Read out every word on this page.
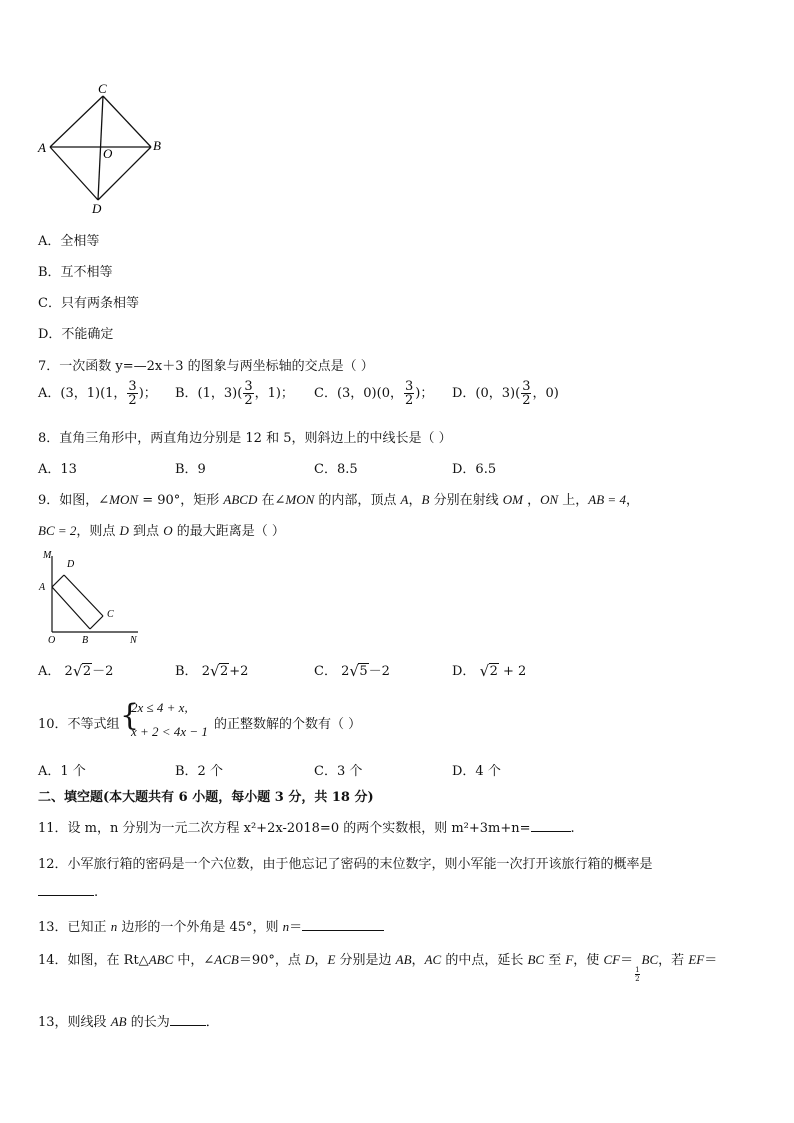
C
A	O
B
D
A．全相等
B．互不相等
C．只有两条相等
D．不能确定
7．一次函数 y=—2x＋3 的图象与两坐标轴的交点是（ ）
A．(3，1)(1， $\frac{3}{2}$ )； B．(1，$3)( \frac{3}{2}$ ，1)； C．(3，0)(0， $\frac{3}{2}$ )； D．(0，$3)( \frac{3}{2}$ ，0)
8．直角三角形中，两直角边分别是 12 和 5，则斜边上的中线长是（ ）
A．13	B．9	C．8.5	D．6.5
9．如图，∠MON = 90°，矩形 ABCD 在∠MON 的内部，顶点 A，B 分别在射线 OM ，ON 上，AB = 4，
BC = 2，则点 D 到点 O 的最大距离是（ ）
M
D
A
C
O	B	N
A． 2 √ 2－2	B． 2 √ 2+2	C． 2 √ 5－2	D． √ 2 + 2
10．不等式组 {
2x ≤ 4 + x,
x + 2 < 4x − 1 的正整数解的个数有（ ）
A．1 个	B．2 个	C．3 个	D．4 个
二、填空题(本大题共有 6 小题，每小题 3 分，共 18 分)
11．设 m，n 分别为一元二次方程 x²+2x-2018=0 的两个实数根，则 m²+3m+n=	.
12．小军旅行箱的密码是一个六位数，由于他忘记了密码的末位数字，则小军能一次打开该旅行箱的概率是
.
13．已知正 n 边形的一个外角是 45°，则 n＝
14．如图，在 Rt△ABC 中，∠ACB＝90°，点 D，E 分别是边 AB，AC 的中点，延长 BC 至 F，使 CF＝
$\frac{1}{2}BC$，若 EF＝
13，则线段 AB 的长为	．
